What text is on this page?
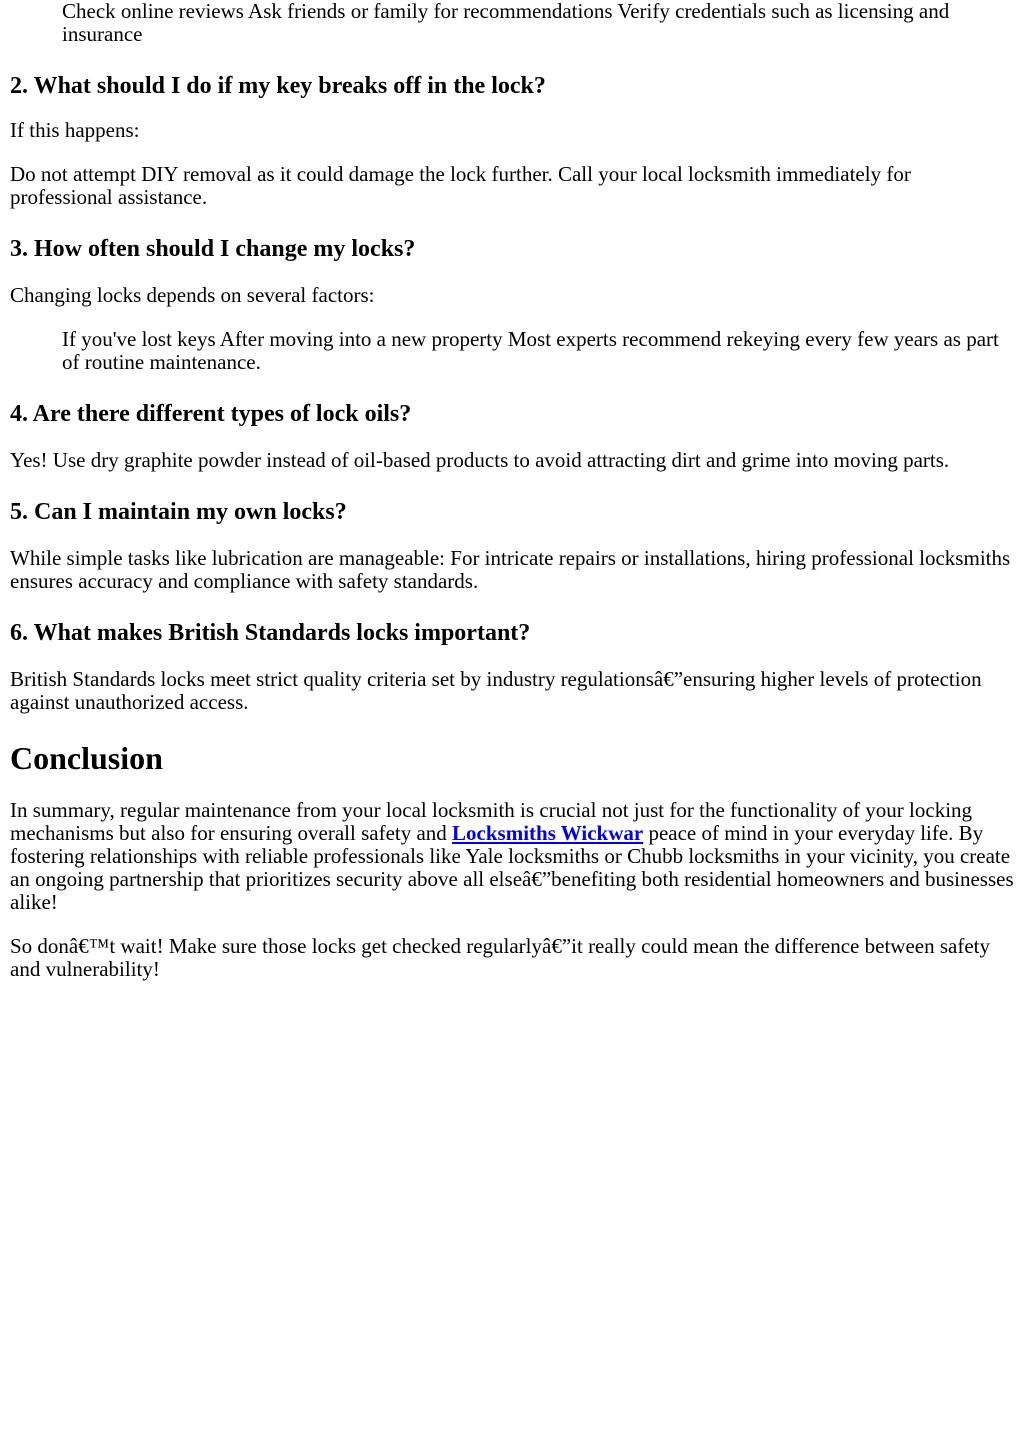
Check online reviews Ask friends or family for recommendations Verify credentials such as licensing and insurance

2. What should I do if my key breaks off in the lock?

If this happens:

Do not attempt DIY removal as it could damage the lock further. Call your local locksmith immediately for professional assistance.

3. How often should I change my locks?

Changing locks depends on several factors:

If you've lost keys After moving into a new property Most experts recommend rekeying every few years as part of routine maintenance.

4. Are there different types of lock oils?

Yes! Use dry graphite powder instead of oil-based products to avoid attracting dirt and grime into moving parts.

5. Can I maintain my own locks?

While simple tasks like lubrication are manageable: For intricate repairs or installations, hiring professional locksmiths ensures accuracy and compliance with safety standards.

6. What makes British Standards locks important?

British Standards locks meet strict quality criteria set by industry regulationsâ€”ensuring higher levels of protection against unauthorized access.

Conclusion

In summary, regular maintenance from your local locksmith is crucial not just for the functionality of your locking mechanisms but also for ensuring overall safety and Locksmiths Wickwar peace of mind in your everyday life. By fostering relationships with reliable professionals like Yale locksmiths or Chubb locksmiths in your vicinity, you create an ongoing partnership that prioritizes security above all elseâ€”benefiting both residential homeowners and businesses alike!

So donâ€™t wait! Make sure those locks get checked regularlyâ€”it really could mean the difference between safety and vulnerability!
